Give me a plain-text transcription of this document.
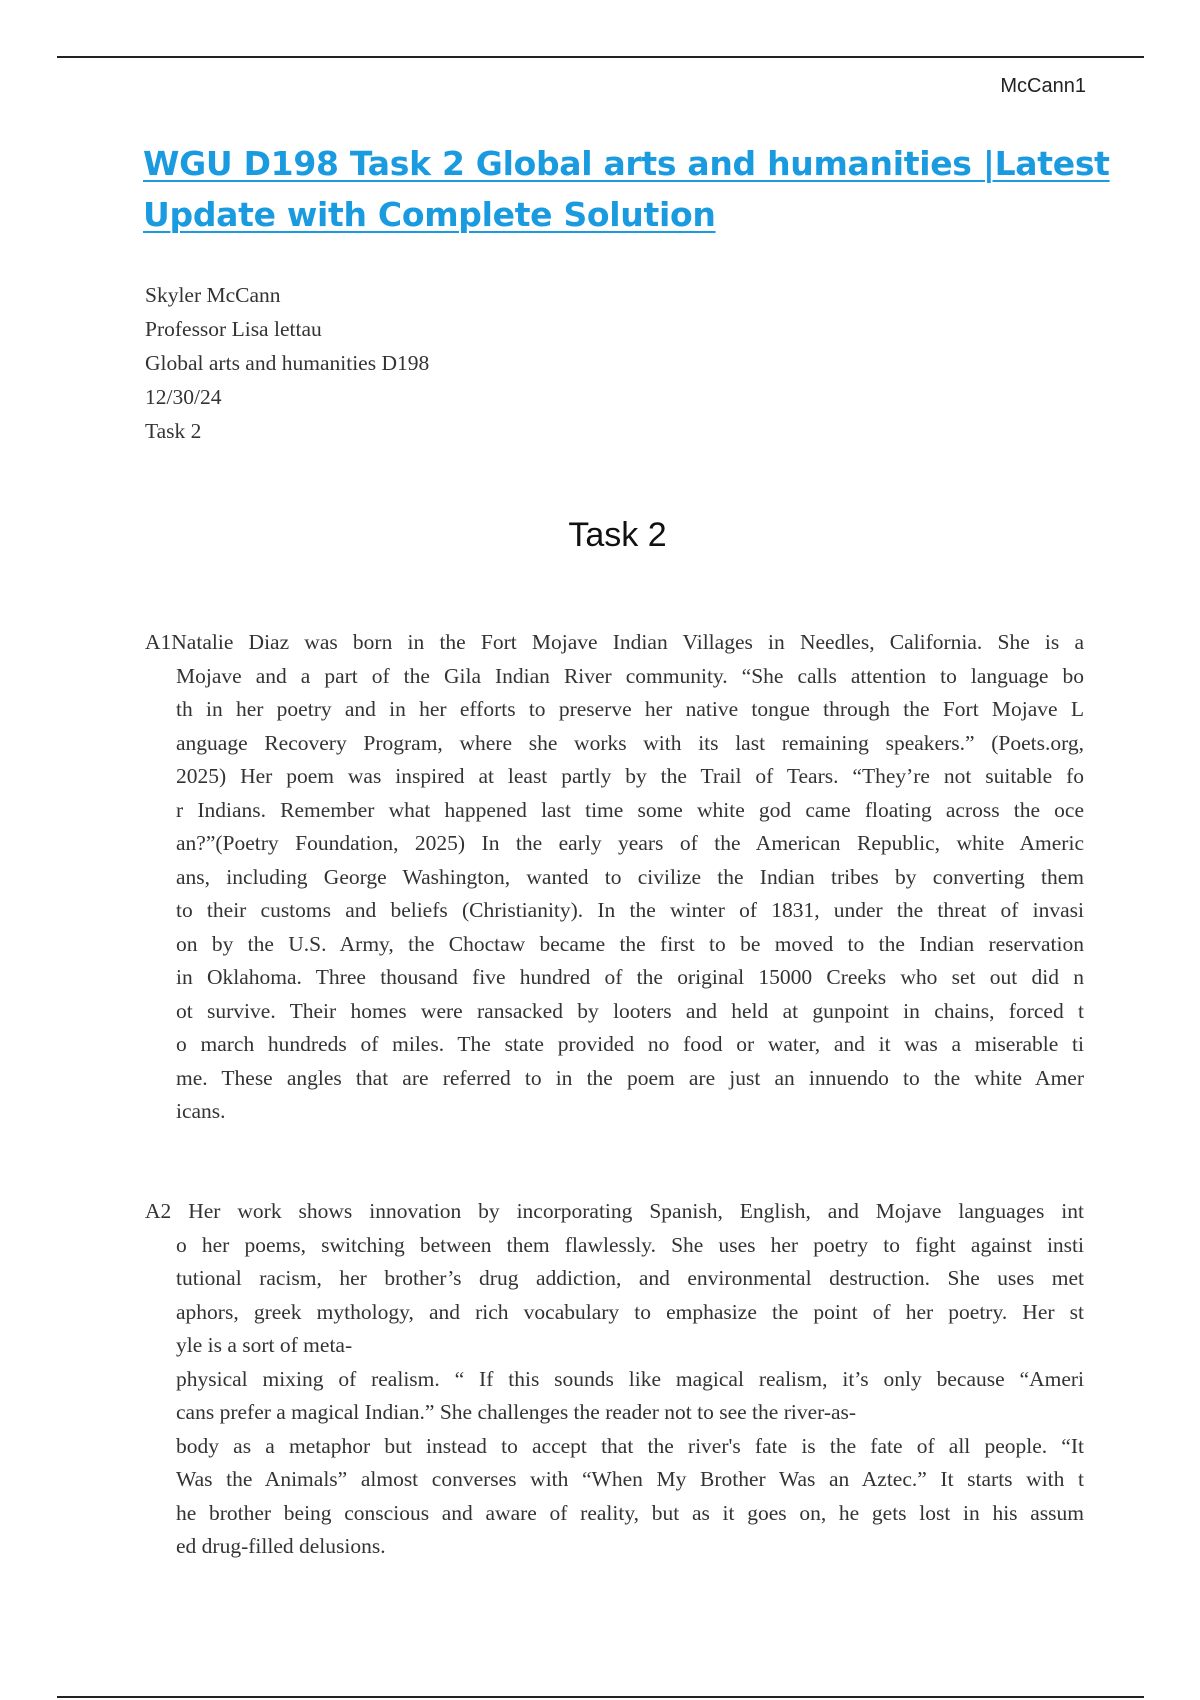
McCann1
WGU D198 Task 2 Global arts and humanities |Latest
Update with Complete Solution
Skyler McCann
Professor Lisa lettau
Global arts and humanities D198
12/30/24
Task 2
Task 2
A1Natalie Diaz was born in the Fort Mojave Indian Villages in Needles, California. She is a
Mojave and a part of the Gila Indian River community. “She calls attention to language bo
th in her poetry and in her efforts to preserve her native tongue through the Fort Mojave L
anguage Recovery Program, where she works with its last remaining speakers.” (Poets.org,
2025) Her poem was inspired at least partly by the Trail of Tears. “They’re not suitable fo
r Indians. Remember what happened last time some white god came floating across the oce
an?”(Poetry Foundation, 2025) In the early years of the American Republic, white Americ
ans, including George Washington, wanted to civilize the Indian tribes by converting them
to their customs and beliefs (Christianity). In the winter of 1831, under the threat of invasi
on by the U.S. Army, the Choctaw became the first to be moved to the Indian reservation
in Oklahoma. Three thousand five hundred of the original 15000 Creeks who set out did n
ot survive. Their homes were ransacked by looters and held at gunpoint in chains, forced t
o march hundreds of miles. The state provided no food or water, and it was a miserable ti
me. These angles that are referred to in the poem are just an innuendo to the white Amer
icans.
A2 Her work shows innovation by incorporating Spanish, English, and Mojave languages int
o her poems, switching between them flawlessly. She uses her poetry to fight against insti
tutional racism, her brother’s drug addiction, and environmental destruction. She uses met
aphors, greek mythology, and rich vocabulary to emphasize the point of her poetry. Her st
yle is a sort of meta-
physical mixing of realism. “ If this sounds like magical realism, it’s only because “Ameri
cans prefer a magical Indian.” She challenges the reader not to see the river-as-
body as a metaphor but instead to accept that the river's fate is the fate of all people. “It
Was the Animals” almost converses with “When My Brother Was an Aztec.” It starts with t
he brother being conscious and aware of reality, but as it goes on, he gets lost in his assum
ed drug-filled delusions.
